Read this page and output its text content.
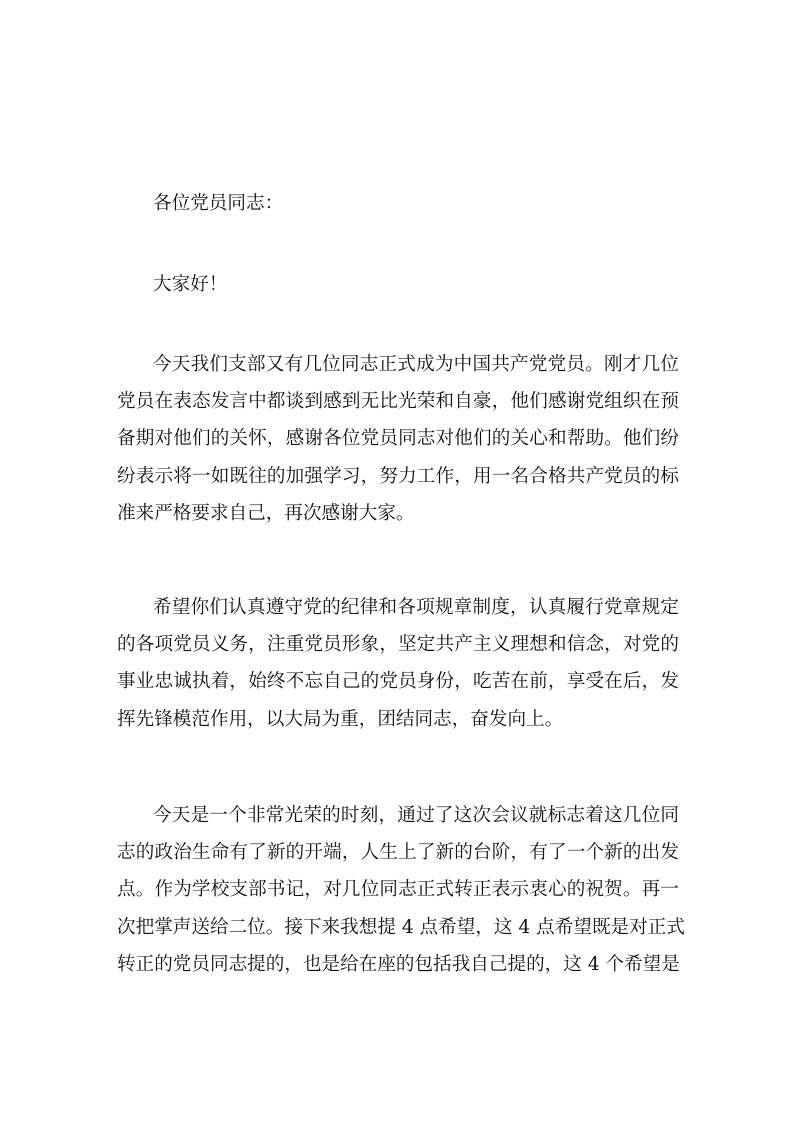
各位党员同志：
大家好！
今天我们支部又有几位同志正式成为中国共产党党员。刚才几位
党员在表态发言中都谈到感到无比光荣和自豪，他们感谢党组织在预
备期对他们的关怀，感谢各位党员同志对他们的关心和帮助。他们纷
纷表示将一如既往的加强学习，努力工作，用一名合格共产党员的标
准来严格要求自己，再次感谢大家。
希望你们认真遵守党的纪律和各项规章制度，认真履行党章规定
的各项党员义务，注重党员形象，坚定共产主义理想和信念，对党的
事业忠诚执着，始终不忘自己的党员身份，吃苦在前，享受在后，发
挥先锋模范作用，以大局为重，团结同志，奋发向上。
今天是一个非常光荣的时刻，通过了这次会议就标志着这几位同
志的政治生命有了新的开端，人生上了新的台阶，有了一个新的出发
点。作为学校支部书记，对几位同志正式转正表示衷心的祝贺。再一
次把掌声送给二位。接下来我想提 4 点希望，这 4 点希望既是对正式
转正的党员同志提的，也是给在座的包括我自己提的，这 4 个希望是
